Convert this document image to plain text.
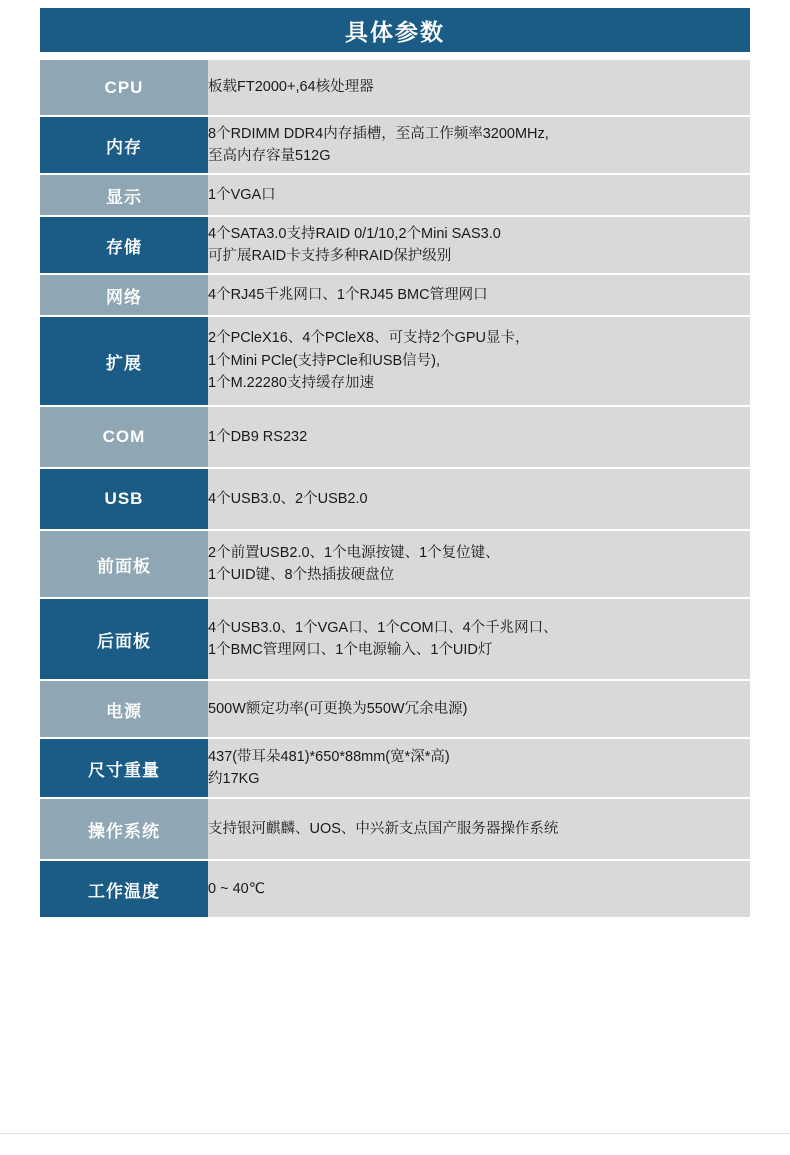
具体参数
CPU	板载FT2000+,64核处理器

内存	8个RDIMM DDR4内存插槽，至高工作频率3200MHz,
至高内存容量512G

显示	1个VGA口

存储	4个SATA3.0支持RAID 0/1/10,2个Mini SAS3.0
可扩展RAID卡支持多种RAID保护级别

网络	4个RJ45千兆网口、1个RJ45 BMC管理网口

扩展	2个PCleX16、4个PCleX8、可支持2个GPU显卡，
1个Mini PCle(支持PCle和USB信号),
1个M.22280支持缓存加速

COM	1个DB9 RS232

USB	4个USB3.0、2个USB2.0

前面板	2个前置USB2.0、1个电源按键、1个复位键、
1个UID键、8个热插拔硬盘位

后面板	4个USB3.0、1个VGA口、1个COM口、4个千兆网口、
1个BMC管理网口、1个电源输入、1个UID灯

电源	500W额定功率(可更换为550W冗余电源)

尺寸重量	437(带耳朵481)*650*88mm(宽*深*高)
约17KG

操作系统	支持银河麒麟、UOS、中兴新支点国产服务器操作系统

工作温度	0 ~ 40℃
